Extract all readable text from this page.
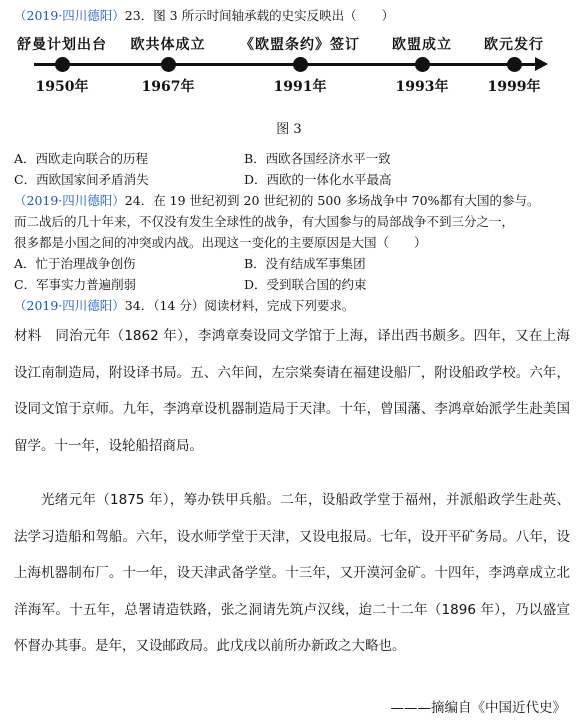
（2019·四川德阳）23．图 3 所示时间轴承载的史实反映出（　　）
舒曼计划出台
1950年
欧共体成立
1967年
《欧盟条约》签订
1991年
欧盟成立
1993年
欧元发行
1999年
图 3
A．西欧走向联合的历程	B．西欧各国经济水平一致
C．西欧国家间矛盾消失	D．西欧的一体化水平最高
（2019·四川德阳）24．在 19 世纪初到 20 世纪初的 500 多场战争中 70%都有大国的参与。
而二战后的几十年来，不仅没有发生全球性的战争，有大国参与的局部战争不到三分之一，
很多都是小国之间的冲突或内战。出现这一变化的主要原因是大国（　　）
A．忙于治理战争创伤	B．没有结成军事集团
C．军事实力普遍削弱	D．受到联合国的约束
（2019·四川德阳）34．（14 分）阅读材料，完成下列要求。
材料　同治元年（1862 年），李鸿章奏设同文学馆于上海，译出西书颇多。四年，又在上海设江南制造局，附设译书局。五、六年间，左宗棠奏请在福建设船厂，附设船政学校。六年，设同文馆于京师。九年，李鸿章设机器制造局于天津。十年，曾国藩、李鸿章始派学生赴美国留学。十一年，设轮船招商局。
光绪元年（1875 年），筹办铁甲兵船。二年，设船政学堂于福州，并派船政学生赴英、法学习造船和驾船。六年，设水师学堂于天津，又设电报局。七年，设开平矿务局。八年，设上海机器制布厂。十一年，设天津武备学堂。十三年，又开漠河金矿。十四年，李鸿章成立北洋海军。十五年，总署请造铁路，张之洞请先筑卢汉线，迨二十二年（1896 年），乃以盛宣怀督办其事。是年，又设邮政局。此戊戌以前所办新政之大略也。
———摘编自《中国近代史》
